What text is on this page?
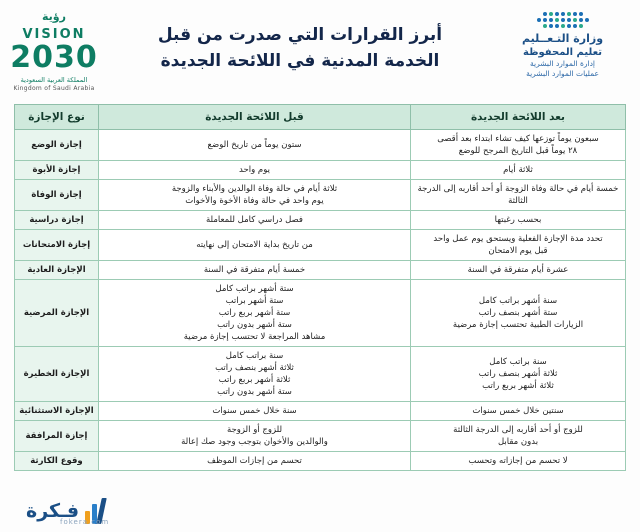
رؤية
VISION
2030
المملكة العربية السعودية
Kingdom of Saudi Arabia
أبرز القرارات التي صدرت من قبل
الخدمة المدنية في اللائحة الجديدة
وزارة التـعــليم
تعليم المحفوظة
إدارة الموارد البشرية
عمليات الموارد البشرية
بعد اللائحة الجديدة	قبل اللائحة الجديدة	نوع الإجازة

سبعون يوماً توزعها كيف تشاء ابتداء بعد أقصى
٢٨ يوماً قبل التاريخ المرجح للوضع	ستون يوماً من تاريخ الوضع	إجازة الوضع

ثلاثة أيام	يوم واحد	إجازة الأبوة

خمسة أيام في حالة وفاة الزوجة أو أحد أقاربه إلى الدرجة
الثالثة	ثلاثة أيام في حالة وفاة الوالدين والأبناء والزوجة
يوم واحد في حالة وفاة الأخوة والأخوات	إجازة الوفاة

بحسب رغبتها	فصل دراسي كامل للمعاملة	إجازة دراسية

تحدد مدة الإجازة الفعلية ويستحق يوم عمل واحد
قبل يوم الامتحان	من تاريخ بداية الامتحان إلى نهايته	إجازة الامتحانات

عشرة أيام متفرقة في السنة	خمسة أيام متفرقة في السنة	الإجازة العادية

سنة أشهر براتب كامل
ستة أشهر بنصف راتب
الزيارات الطبية تحتسب إجازة مرضية	ستة أشهر براتب كامل
ستة أشهر براتب
ستة أشهر بربع راتب
ستة أشهر بدون راتب
مشاهد المراجعة لا تحتسب إجازة مرضية	الإجازة المرضية

سنة براتب كامل
ثلاثة أشهر بنصف راتب
ثلاثة أشهر بربع راتب	سنة براتب كامل
ثلاثة أشهر بنصف راتب
ثلاثة أشهر بربع راتب
ستة أشهر بدون راتب	الإجازة الخطيرة

سنتين خلال خمس سنوات	سنة خلال خمس سنوات	الإجازة الاستثنائية

للزوج أو أحد أقاربه إلى الدرجة الثالثة
بدون مقابل	للزوج أو الزوجة
والوالدين والأخوان بتوجب وجود صك إعالة	إجازة المرافقة

لا تحسم من إجازاته وتحسب	تحسم من إجازات الموظف	وقوع الكارثة
فـكرة
fokera.com
